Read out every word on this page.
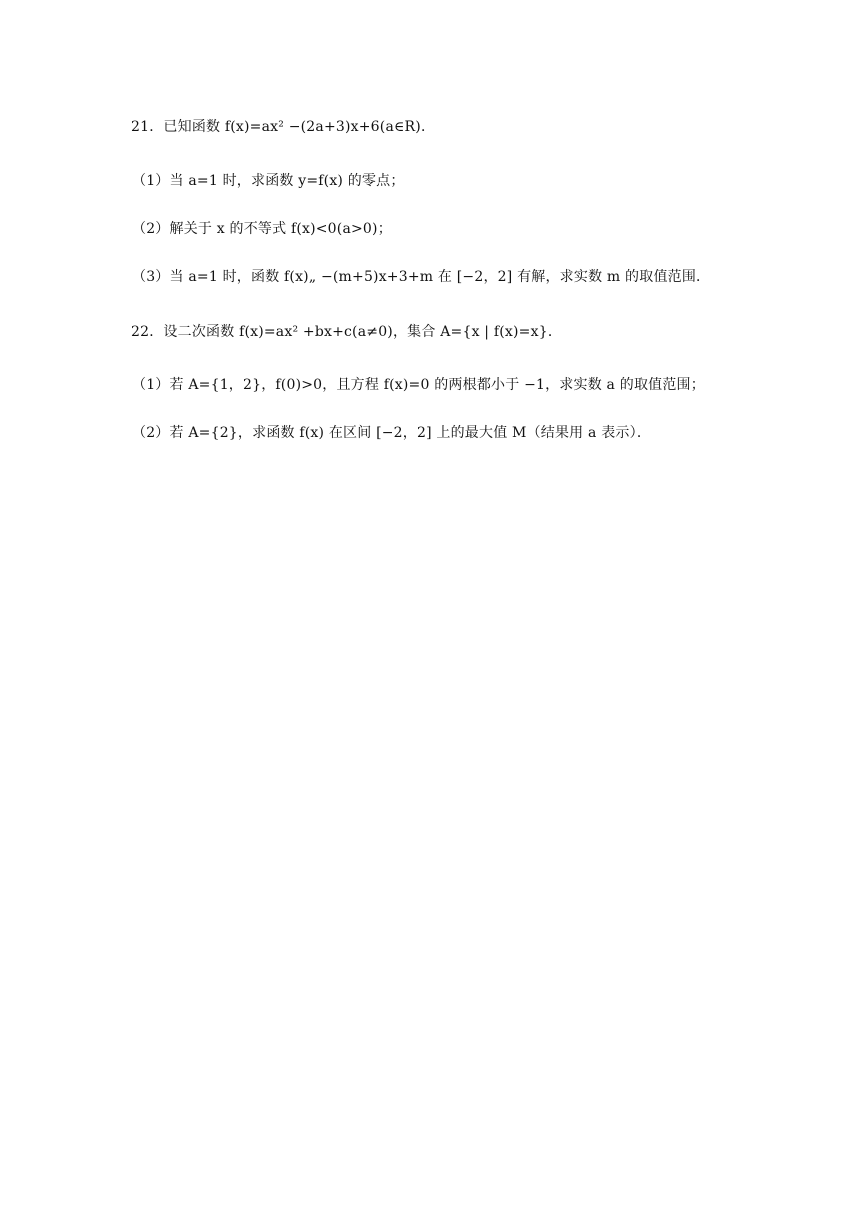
21．已知函数 f(x)=ax² −(2a+3)x+6(a∈R)．
（1）当 a=1 时，求函数 y=f(x) 的零点；
（2）解关于 x 的不等式 f(x)<0(a>0)；
（3）当 a=1 时，函数 f(x)„ −(m+5)x+3+m 在 [−2，2] 有解，求实数 m 的取值范围．
22．设二次函数 f(x)=ax² +bx+c(a≠0)，集合 A={x | f(x)=x}．
（1）若 A={1，2}，f(0)>0，且方程 f(x)=0 的两根都小于 −1，求实数 a 的取值范围；
（2）若 A={2}，求函数 f(x) 在区间 [−2，2] 上的最大值 M（结果用 a 表示）．
